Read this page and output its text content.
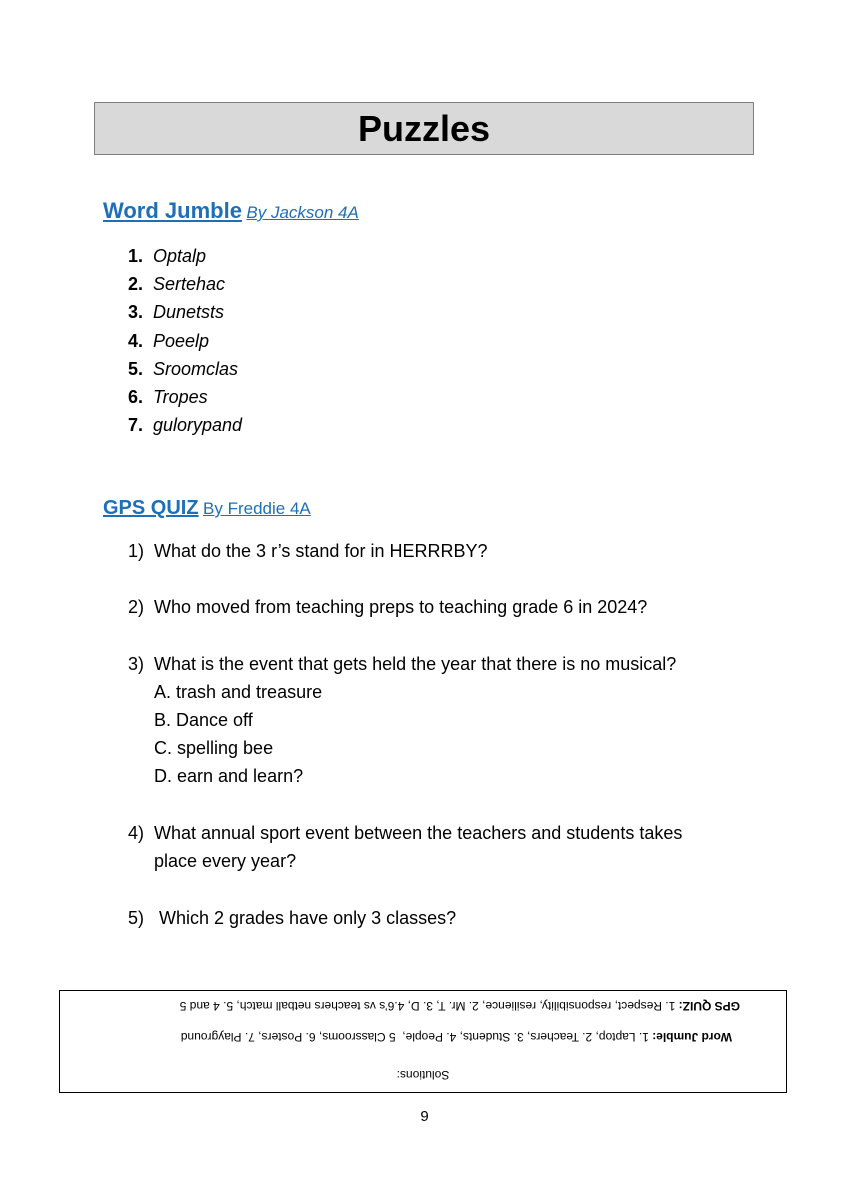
Puzzles
Word Jumble By Jackson 4A
1. Optalp
2. Sertehac
3. Dunetsts
4. Poeelp
5. Sroomclas
6. Tropes
7. gulorypand
GPS QUIZ By Freddie 4A
1) What do the 3 r’s stand for in HERRRBY?
2) Who moved from teaching preps to teaching grade 6 in 2024?
3) What is the event that gets held the year that there is no musical?
A. trash and treasure
B. Dance off
C. spelling bee
D. earn and learn?
4) What annual sport event between the teachers and students takes
place every year?
5) Which 2 grades have only 3 classes?
Solutions:
Word Jumble: 1. Laptop, 2. Teachers, 3. Students, 4. People,  5 Classrooms, 6. Posters, 7. Playground
GPS QUIZ: 1. Respect, responsibility, resilience, 2. Mr. T, 3. D, 4.6’s vs teachers netball match, 5. 4 and 5
9
